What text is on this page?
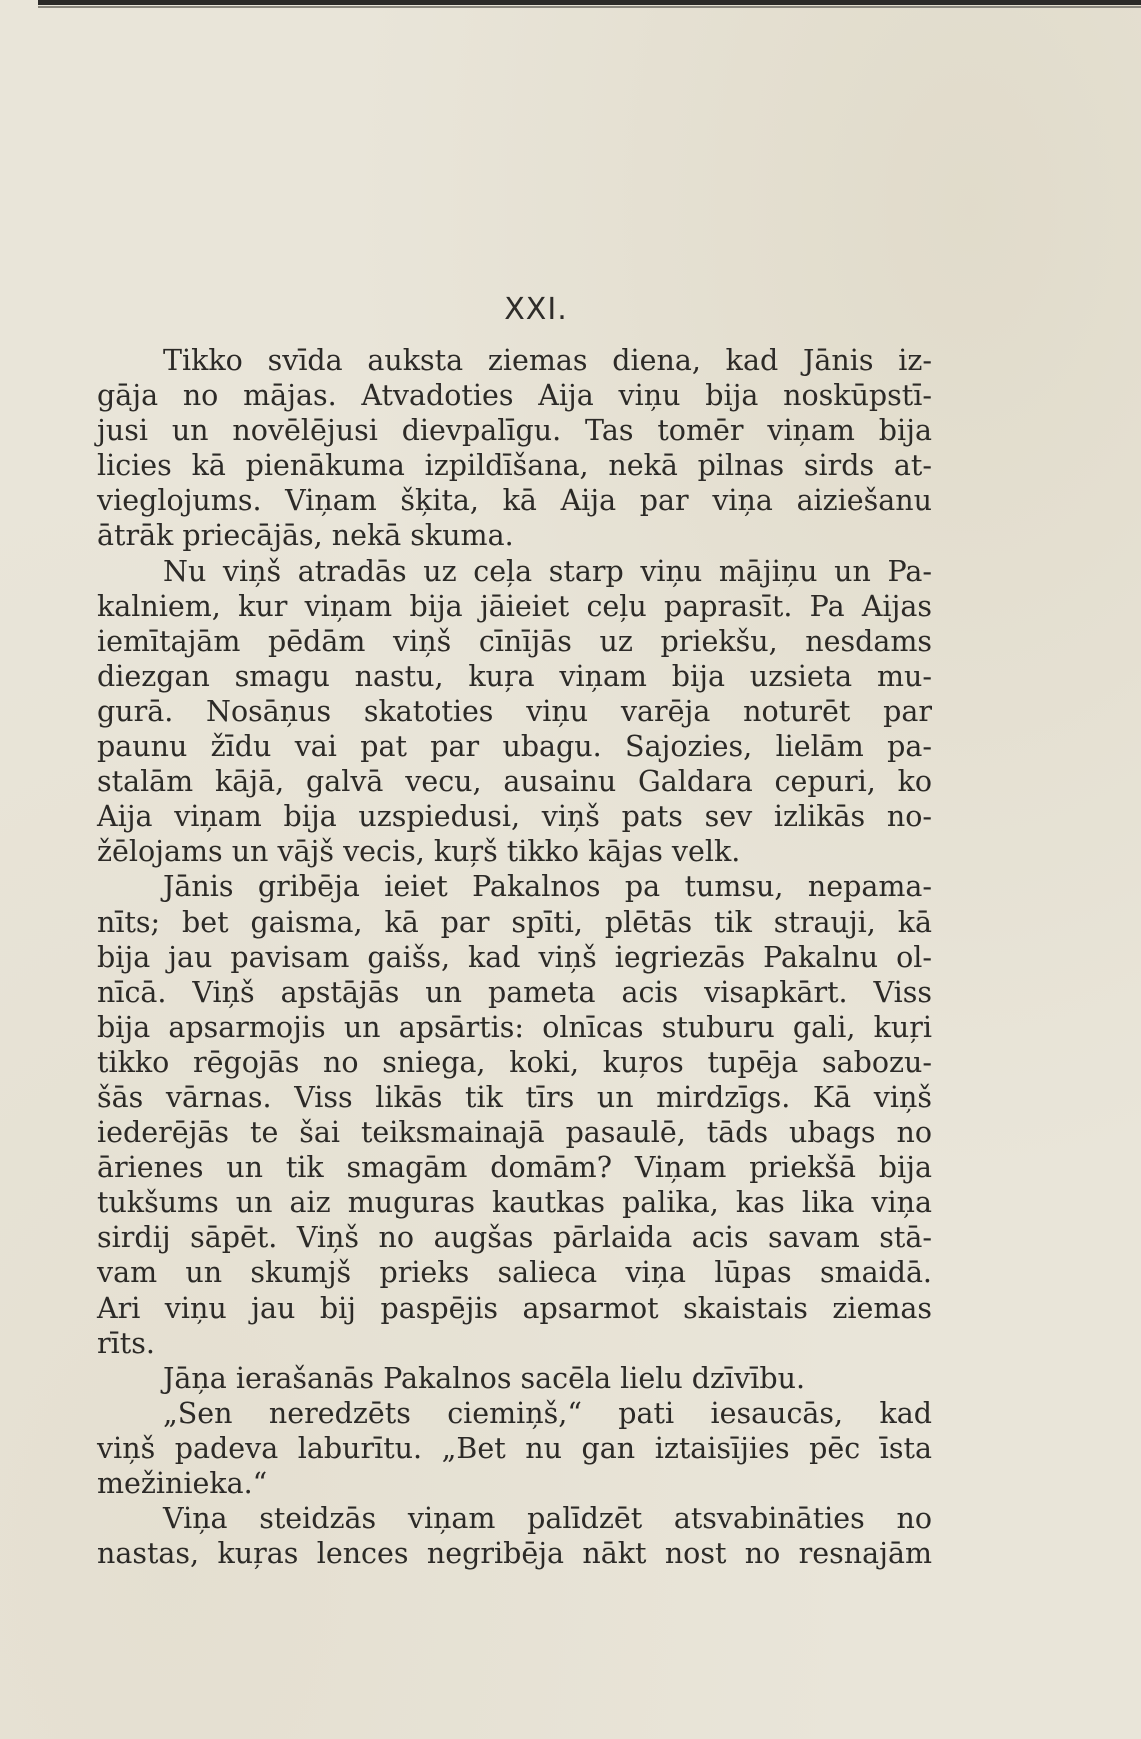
XXI.
Tikko svīda auksta ziemas diena, kad Jānis iz-
gāja no mājas. Atvadoties Aija viņu bija noskūpstī-
jusi un novēlējusi dievpalīgu. Tas tomēr viņam bija
licies kā pienākuma izpildīšana, nekā pilnas sirds at-
vieglojums. Viņam šķita, kā Aija par viņa aiziešanu
ātrāk priecājās, nekā skuma.
Nu viņš atradās uz ceļa starp viņu mājiņu un Pa-
kalniem, kur viņam bija jāieiet ceļu paprasīt. Pa Aijas
iemītajām pēdām viņš cīnījās uz priekšu, nesdams
diezgan smagu nastu, kuŗa viņam bija uzsieta mu-
gurā. Nosāņus skatoties viņu varēja noturēt par
paunu žīdu vai pat par ubagu. Sajozies, lielām pa-
stalām kājā, galvā vecu, ausainu Galdara cepuri, ko
Aija viņam bija uzspiedusi, viņš pats sev izlikās no-
žēlojams un vājš vecis, kuŗš tikko kājas velk.
Jānis gribēja ieiet Pakalnos pa tumsu, nepama-
nīts; bet gaisma, kā par spīti, plētās tik strauji, kā
bija jau pavisam gaišs, kad viņš iegriezās Pakalnu ol-
nīcā. Viņš apstājās un pameta acis visapkārt. Viss
bija apsarmojis un apsārtis: olnīcas stuburu gali, kuŗi
tikko rēgojās no sniega, koki, kuŗos tupēja sabozu-
šās vārnas. Viss likās tik tīrs un mirdzīgs. Kā viņš
iederējās te šai teiksmainajā pasaulē, tāds ubags no
ārienes un tik smagām domām? Viņam priekšā bija
tukšums un aiz muguras kautkas palika, kas lika viņa
sirdij sāpēt. Viņš no augšas pārlaida acis savam stā-
vam un skumjš prieks salieca viņa lūpas smaidā.
Ari viņu jau bij paspējis apsarmot skaistais ziemas
rīts.
Jāņa ierašanās Pakalnos sacēla lielu dzīvību.
„Sen neredzēts ciemiņš,“ pati iesaucās, kad
viņš padeva laburītu. „Bet nu gan iztaisījies pēc īsta
mežinieka.“
Viņa steidzās viņam palīdzēt atsvabināties no
nastas, kuŗas lences negribēja nākt nost no resnajām
